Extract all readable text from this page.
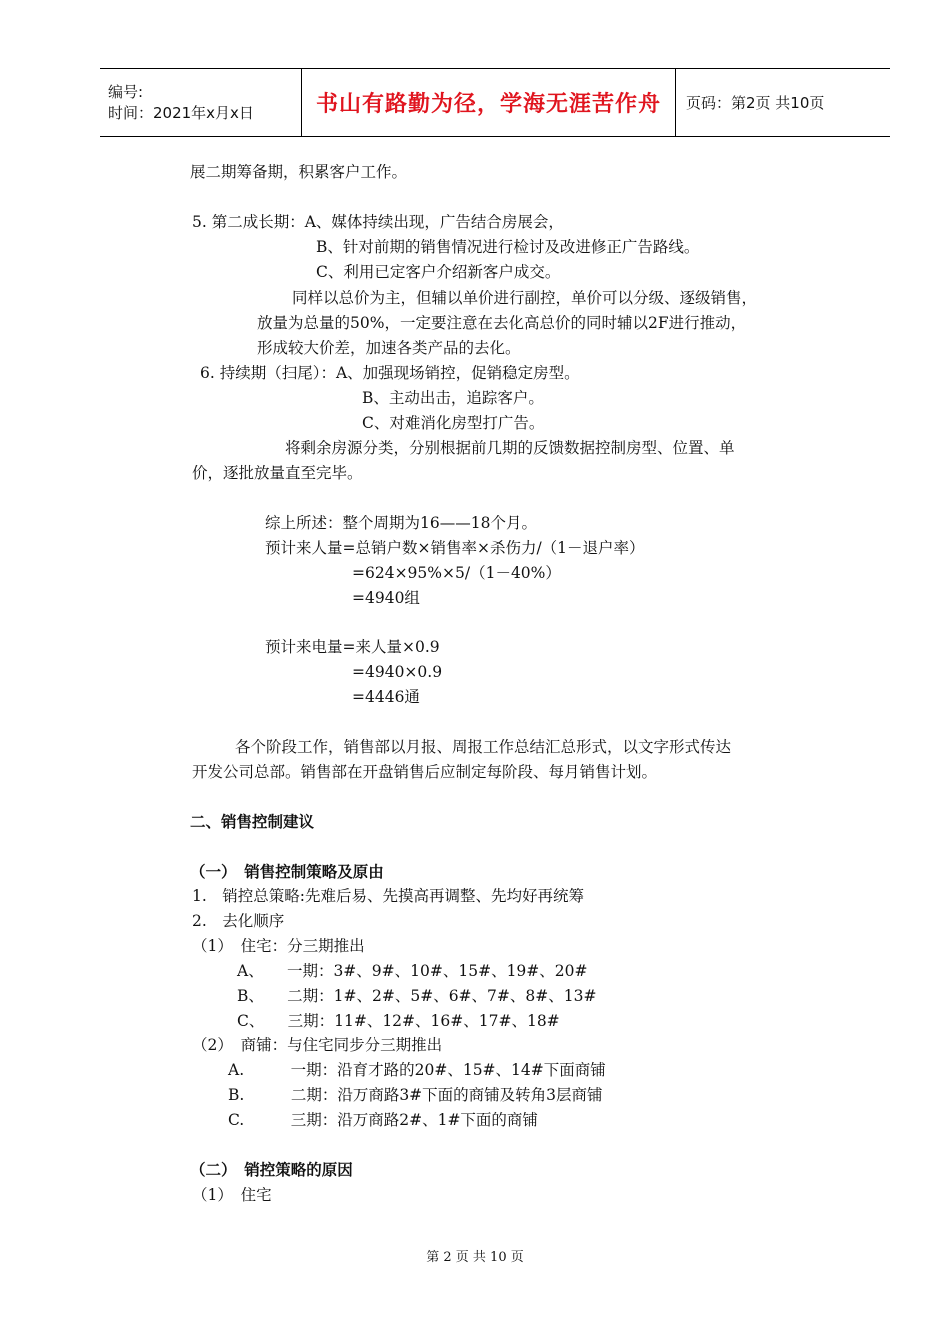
编号:
时间：2021年x月x日	书山有路勤为径，学海无涯苦作舟	页码：第2页 共10页
展二期筹备期，积累客户工作。
5. 第二成长期：A、媒体持续出现，广告结合房展会，
B、针对前期的销售情况进行检讨及改进修正广告路线。
C、利用已定客户介绍新客户成交。
同样以总价为主，但辅以单价进行副控，单价可以分级、逐级销售，
放量为总量的50%，一定要注意在去化高总价的同时辅以2F进行推动，
形成较大价差，加速各类产品的去化。
6. 持续期（扫尾）：A、加强现场销控，促销稳定房型。
B、主动出击，追踪客户。
C、对难消化房型打广告。
将剩余房源分类，分别根据前几期的反馈数据控制房型、位置、单
价，逐批放量直至完毕。
综上所述：整个周期为16——18个月。
预计来人量=总销户数×销售率×杀伤力/（1－退户率）
=624×95%×5/（1－40%）
=4940组
预计来电量=来人量×0.9
=4940×0.9
=4446通
各个阶段工作，销售部以月报、周报工作总结汇总形式，以文字形式传达
开发公司总部。销售部在开盘销售后应制定每阶段、每月销售计划。
二、销售控制建议
（一）　销售控制策略及原由
1.　销控总策略:先难后易、先摸高再调整、先均好再统筹
2.　去化顺序
（1）　住宅：分三期推出
A、　　一期：3#、9#、10#、15#、19#、20#
B、　　二期：1#、2#、5#、6#、7#、8#、13#
C、　　三期：11#、12#、16#、17#、18#
（2）　商铺：与住宅同步分三期推出
A.　　　一期：沿育才路的20#、15#、14#下面商铺
B.　　　二期：沿万商路3#下面的商铺及转角3层商铺
C.　　　三期：沿万商路2#、1#下面的商铺
（二）　销控策略的原因
（1）　住宅
第 2 页 共 10 页
